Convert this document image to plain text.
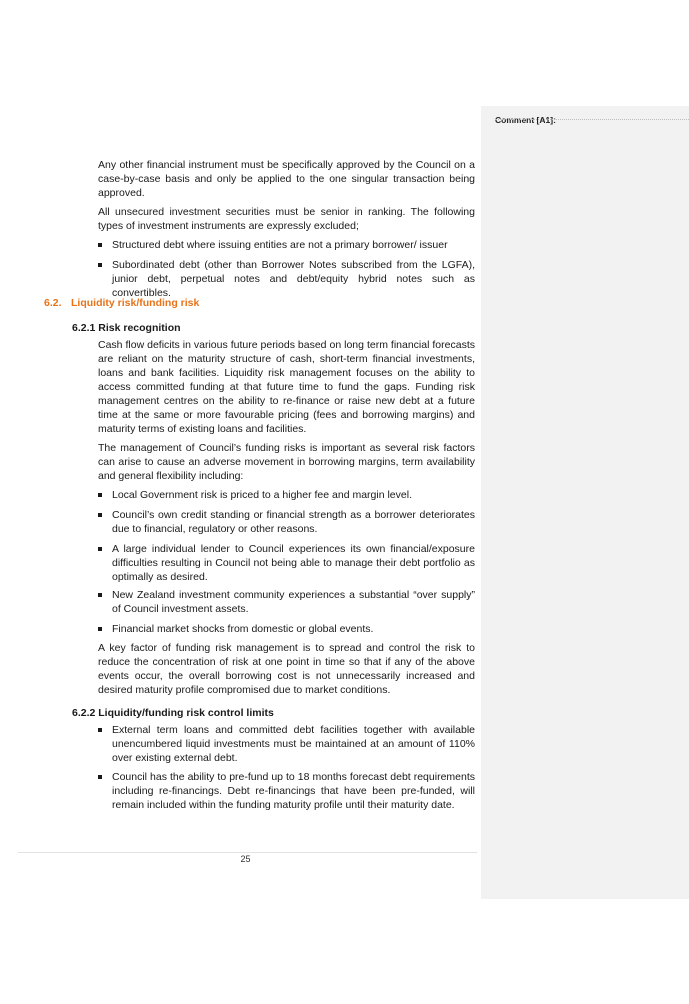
Comment [A1]:

Any other financial instrument must be specifically approved by the Council on a case-by-case basis and only be applied to the one singular transaction being approved.

All unsecured investment securities must be senior in ranking. The following types of investment instruments are expressly excluded;

Structured debt where issuing entities are not a primary borrower/ issuer
Subordinated debt (other than Borrower Notes subscribed from the LGFA), junior debt, perpetual notes and debt/equity hybrid notes such as convertibles.
6.2. Liquidity risk/funding risk
6.2.1 Risk recognition

Cash flow deficits in various future periods based on long term financial forecasts are reliant on the maturity structure of cash, short-term financial investments, loans and bank facilities. Liquidity risk management focuses on the ability to access committed funding at that future time to fund the gaps. Funding risk management centres on the ability to re-finance or raise new debt at a future time at the same or more favourable pricing (fees and borrowing margins) and maturity terms of existing loans and facilities.

The management of Council’s funding risks is important as several risk factors can arise to cause an adverse movement in borrowing margins, term availability and general flexibility including:

Local Government risk is priced to a higher fee and margin level.
Council’s own credit standing or financial strength as a borrower deteriorates due to financial, regulatory or other reasons.
A large individual lender to Council experiences its own financial/exposure difficulties resulting in Council not being able to manage their debt portfolio as optimally as desired.
New Zealand investment community experiences a substantial “over supply” of Council investment assets.
Financial market shocks from domestic or global events.

A key factor of funding risk management is to spread and control the risk to reduce the concentration of risk at one point in time so that if any of the above events occur, the overall borrowing cost is not unnecessarily increased and desired maturity profile compromised due to market conditions.

6.2.2 Liquidity/funding risk control limits
External term loans and committed debt facilities together with available unencumbered liquid investments must be maintained at an amount of 110% over existing external debt.
Council has the ability to pre-fund up to 18 months forecast debt requirements including re-financings. Debt re-financings that have been pre-funded, will remain included within the funding maturity profile until their maturity date.
25
